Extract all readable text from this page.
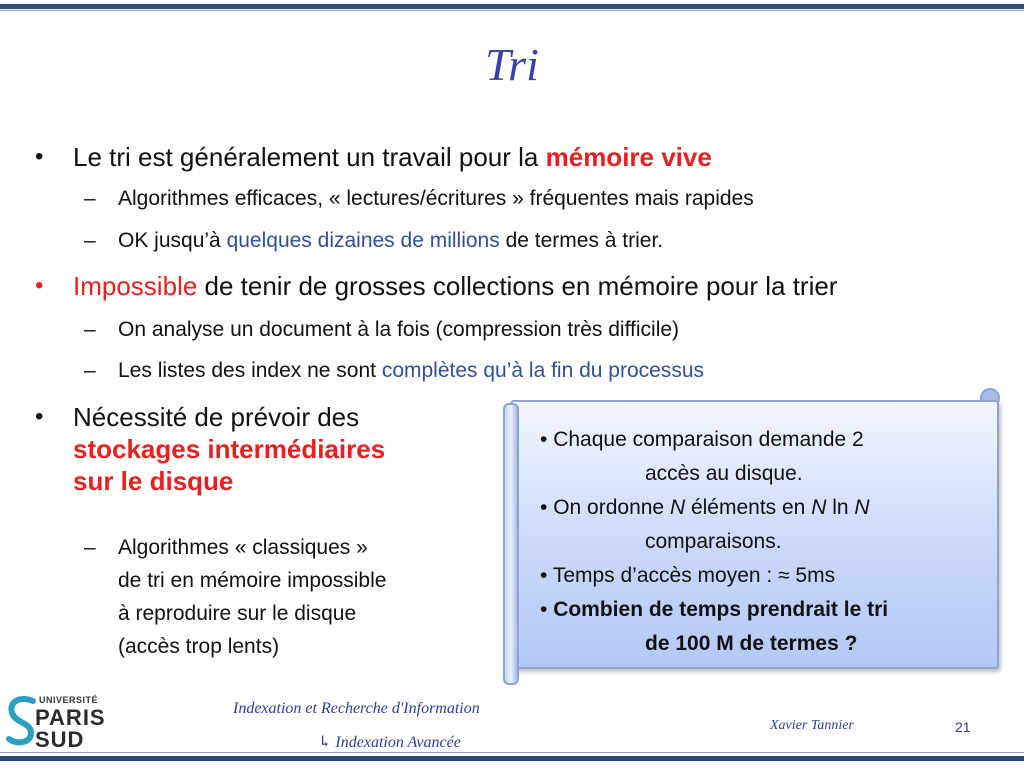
Tri
• Le tri est généralement un travail pour la mémoire vive
– Algorithmes efficaces, « lectures/écritures » fréquentes mais rapides
– OK jusqu’à quelques dizaines de millions de termes à trier.
• Impossible de tenir de grosses collections en mémoire pour la trier
– On analyse un document à la fois (compression très difficile)
– Les listes des index ne sont complètes qu’à la fin du processus
• Nécessité de prévoir des
stockages intermédiaires
sur le disque
– Algorithmes « classiques »
de tri en mémoire impossible
à reproduire sur le disque
(accès trop lents)
• Chaque comparaison demande 2
accès au disque.
• On ordonne N éléments en N ln N
comparaisons.
• Temps d’accès moyen : ≈ 5ms
• Combien de temps prendrait le tri
de 100 M de termes ?
UNIVERSITÉ
PARIS
SUD
Indexation et Recherche d'Information
↳ Indexation Avancée
Xavier Tannier	21
